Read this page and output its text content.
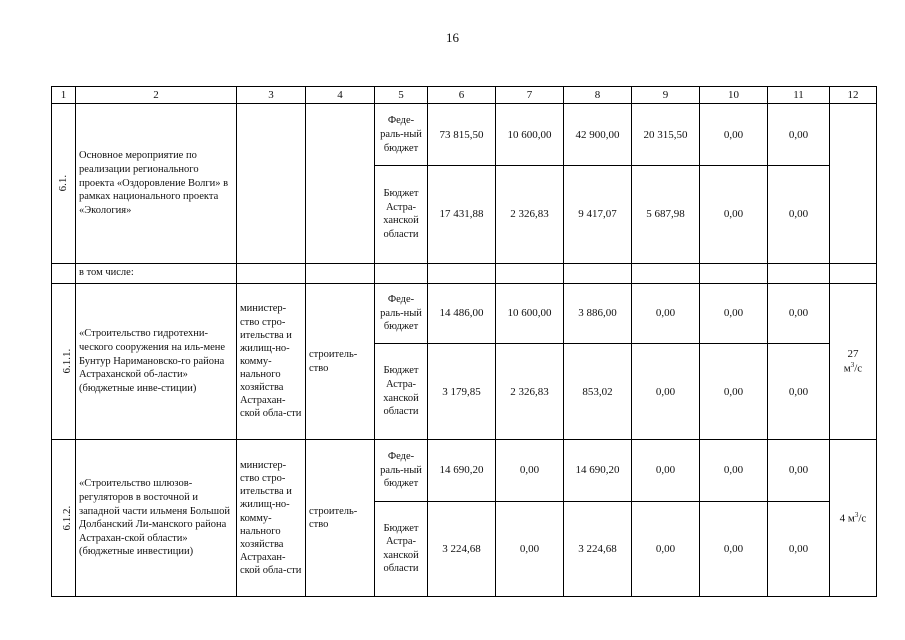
16
1	2	3	4	5	6	7	8	9	10	11	12
6.1.	Основное мероприятие по реализации регионального проекта «Оздоровление Волги» в рамках национального проекта «Экология»			Феде-раль-ный бюджет	73 815,50	10 600,00	42 900,00	20 315,50	0,00	0,00	
				Бюджет Астра-ханской области	17 431,88	2 326,83	9 417,07	5 687,98	0,00	0,00	
	в том числе:										
6.1.1.	«Строительство гидротехни-ческого сооружения на иль-мене Бунтур Наримановско-го района Астраханской об-ласти» (бюджетные инве-стиции)	министер-ство стро-ительства и жилищ-но-комму-нального хозяйства Астрахан-ской обла-сти	строитель-ство	Феде-раль-ный бюджет	14 486,00	10 600,00	3 886,00	0,00	0,00	0,00	27
$м^3/с$
				Бюджет Астра-ханской области	3 179,85	2 326,83	853,02	0,00	0,00	0,00	
6.1.2.	«Строительство шлюзов-регуляторов в восточной и западной части ильменя Большой Долбанский Ли-манского района Астрахан-ской области» (бюджетные инвестиции)	министер-ство стро-ительства и жилищ-но-комму-нального хозяйства Астрахан-ской обла-сти	строитель-ство	Феде-раль-ный бюджет	14 690,20	0,00	14 690,20	0,00	0,00	0,00	4 $м^3/с$
				Бюджет Астра-ханской области	3 224,68	0,00	3 224,68	0,00	0,00	0,00	
